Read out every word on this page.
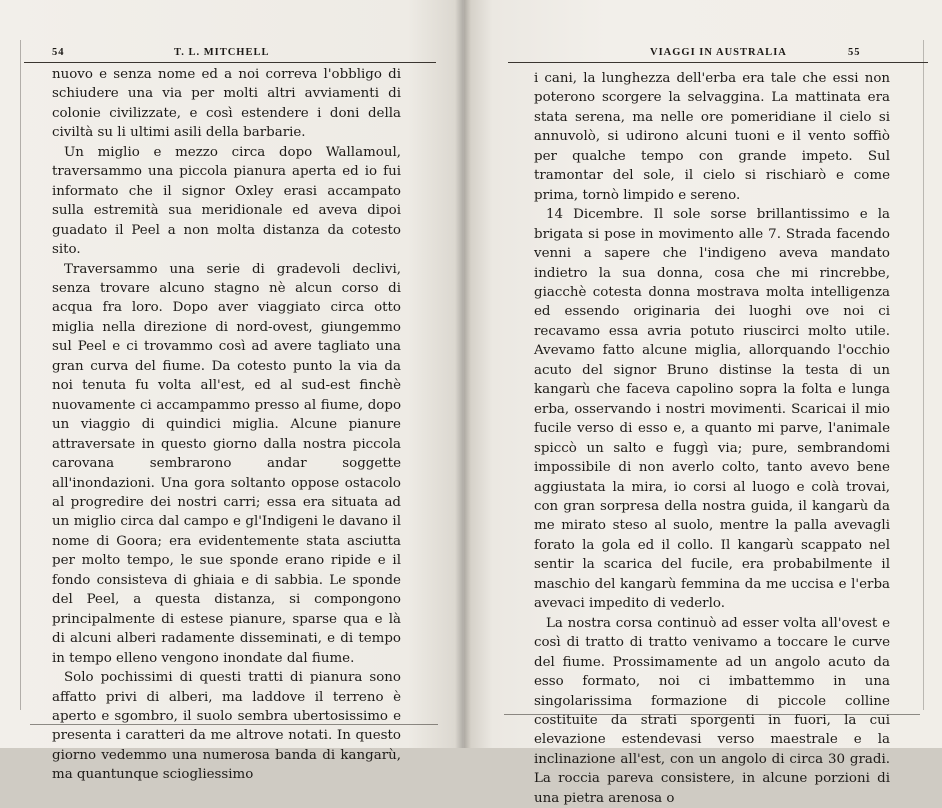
54	T. L. MITCHELL

nuovo e senza nome ed a noi correva l'obbligo di schiudere una via per molti altri avviamenti di colonie civilizzate, e così estendere i doni della civiltà su li ultimi asili della barbarie.

Un miglio e mezzo circa dopo Wallamoul, traversammo una piccola pianura aperta ed io fui informato che il signor Oxley erasi accampato sulla estremità sua meridionale ed aveva dipoi guadato il Peel a non molta distanza da cotesto sito.

Traversammo una serie di gradevoli declivi, senza trovare alcuno stagno nè alcun corso di acqua fra loro. Dopo aver viaggiato circa otto miglia nella direzione di nord-ovest, giungemmo sul Peel e ci trovammo così ad avere tagliato una gran curva del fiume. Da cotesto punto la via da noi tenuta fu volta all'est, ed al sud-est finchè nuovamente ci accampammo presso al fiume, dopo un viaggio di quindici miglia. Alcune pianure attraversate in questo giorno dalla nostra piccola carovana sembrarono andar soggette all'inondazioni. Una gora soltanto oppose ostacolo al progredire dei nostri carri; essa era situata ad un miglio circa dal campo e gl'Indigeni le davano il nome di Goora; era evidentemente stata asciutta per molto tempo, le sue sponde erano ripide e il fondo consisteva di ghiaia e di sabbia. Le sponde del Peel, a questa distanza, si compongono principalmente di estese pianure, sparse qua e là di alcuni alberi radamente disseminati, e di tempo in tempo elleno vengono inondate dal fiume.

Solo pochissimi di questi tratti di pianura sono affatto privi di alberi, ma laddove il terreno è aperto e sgombro, il suolo sembra ubertosissimo e presenta i caratteri da me altrove notati. In questo giorno vedemmo una numerosa banda di kangarù, ma quantunque sciogliessimo

VIAGGI IN AUSTRALIA	55

i cani, la lunghezza dell'erba era tale che essi non poterono scorgere la selvaggina. La mattinata era stata serena, ma nelle ore pomeridiane il cielo si annuvolò, si udirono alcuni tuoni e il vento soffiò per qualche tempo con grande impeto. Sul tramontar del sole, il cielo si rischiarò e come prima, tornò limpido e sereno.

14 Dicembre. Il sole sorse brillantissimo e la brigata si pose in movimento alle 7. Strada facendo venni a sapere che l'indigeno aveva mandato indietro la sua donna, cosa che mi rincrebbe, giacchè cotesta donna mostrava molta intelligenza ed essendo originaria dei luoghi ove noi ci recavamo essa avria potuto riuscirci molto utile. Avevamo fatto alcune miglia, allorquando l'occhio acuto del signor Bruno distinse la testa di un kangarù che faceva capolino sopra la folta e lunga erba, osservando i nostri movimenti. Scaricai il mio fucile verso di esso e, a quanto mi parve, l'animale spiccò un salto e fuggì via; pure, sembrandomi impossibile di non averlo colto, tanto avevo bene aggiustata la mira, io corsi al luogo e colà trovai, con gran sorpresa della nostra guida, il kangarù da me mirato steso al suolo, mentre la palla avevagli forato la gola ed il collo. Il kangarù scappato nel sentir la scarica del fucile, era probabilmente il maschio del kangarù femmina da me uccisa e l'erba avevaci impedito di vederlo.

La nostra corsa continuò ad esser volta all'ovest e così di tratto di tratto venivamo a toccare le curve del fiume. Prossimamente ad un angolo acuto da esso formato, noi ci imbattemmo in una singolarissima formazione di piccole colline costituite da strati sporgenti in fuori, la cui elevazione estendevasi verso maestrale e la inclinazione all'est, con un angolo di circa 30 gradi. La roccia pareva consistere, in alcune porzioni di una pietra arenosa o
